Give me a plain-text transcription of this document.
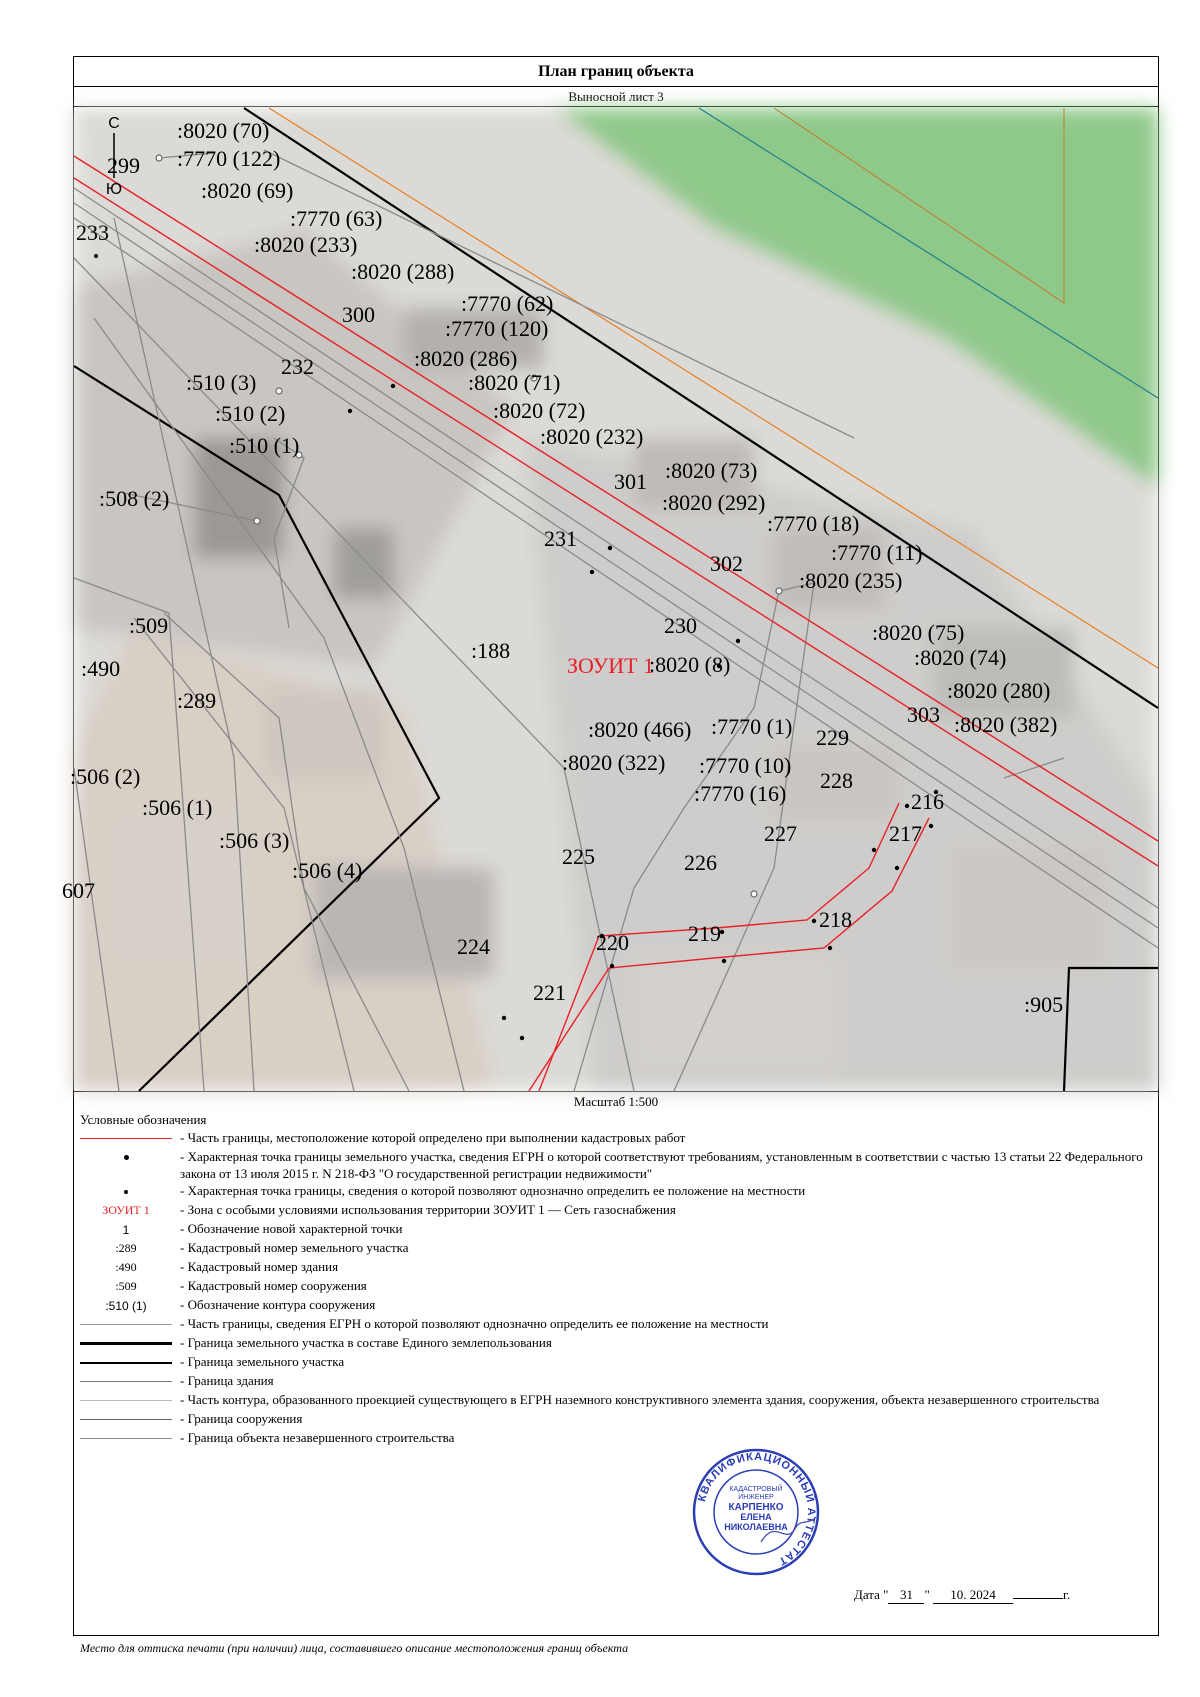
План границ объекта
Выносной лист 3
С
Ю
ЗОУИТ 1
:8020 (70)
:7770 (122)
299
233
:8020 (69)
:7770 (63)
:8020 (233)
:8020 (288)
300	:7770 (62)
:7770 (120)
232	:8020 (286)
:510 (3)	:8020 (71)
:510 (2)	:8020 (72)
:510 (1)	:8020 (232)
:8020 (73)
301
:508 (2)	:8020 (292)
231
:7770 (18)
:7770 (11)
302
:8020 (235)
:509	230	:8020 (75)
:188	:8020 (74)
:490	:8020 (8)
:8020 (280)
:289
303 :8020 (382)
:8020 (466) :7770 (1) 229
:8020 (322) :7770 (10)
:506 (2)	228
:7770 (16)	216
:506 (1)
227	217
:506 (3)
225	226
:506 (4)
607
218
219
224	220
221	:905
Масштаб 1:500
Условные обозначения
- Часть границы, местоположение которой определено при выполнении кадастровых работ
- Характерная точка границы земельного участка, сведения ЕГРН о которой соответствуют требованиям, установленным в соответствии с частью 13 статьи 22 Федерального закона от 13 июля 2015 г. N 218-ФЗ "О государственной регистрации недвижимости"
- Характерная точка границы, сведения о которой позволяют однозначно определить ее положение на местности
ЗОУИТ 1	- Зона с особыми условиями использования территории ЗОУИТ 1 — Сеть газоснабжения
1	- Обозначение новой характерной точки
:289	- Кадастровый номер земельного участка
:490	- Кадастровый номер здания
:509	- Кадастровый номер сооружения
:510 (1)	- Обозначение контура сооружения
- Часть границы, сведения ЕГРН о которой позволяют однозначно определить ее положение на местности
- Граница земельного участка в составе Единого землепользования
- Граница земельного участка
- Граница здания
- Часть контура, образованного проекцией существующего в ЕГРН наземного конструктивного элемента здания, сооружения, объекта незавершенного строительства
- Граница сооружения
- Граница объекта незавершенного строительства
КВАЛИФИКАЦИОННЫЙ АТТЕСТАТ
КАДАСТРОВЫЙ
ИНЖЕНЕР
КАРПЕНКО
ЕЛЕНА
НИКОЛАЕВНА
Дата " 31 " 10. 2024	г.
Место для оттиска печати (при наличии) лица, составившего описание местоположения границ объекта
